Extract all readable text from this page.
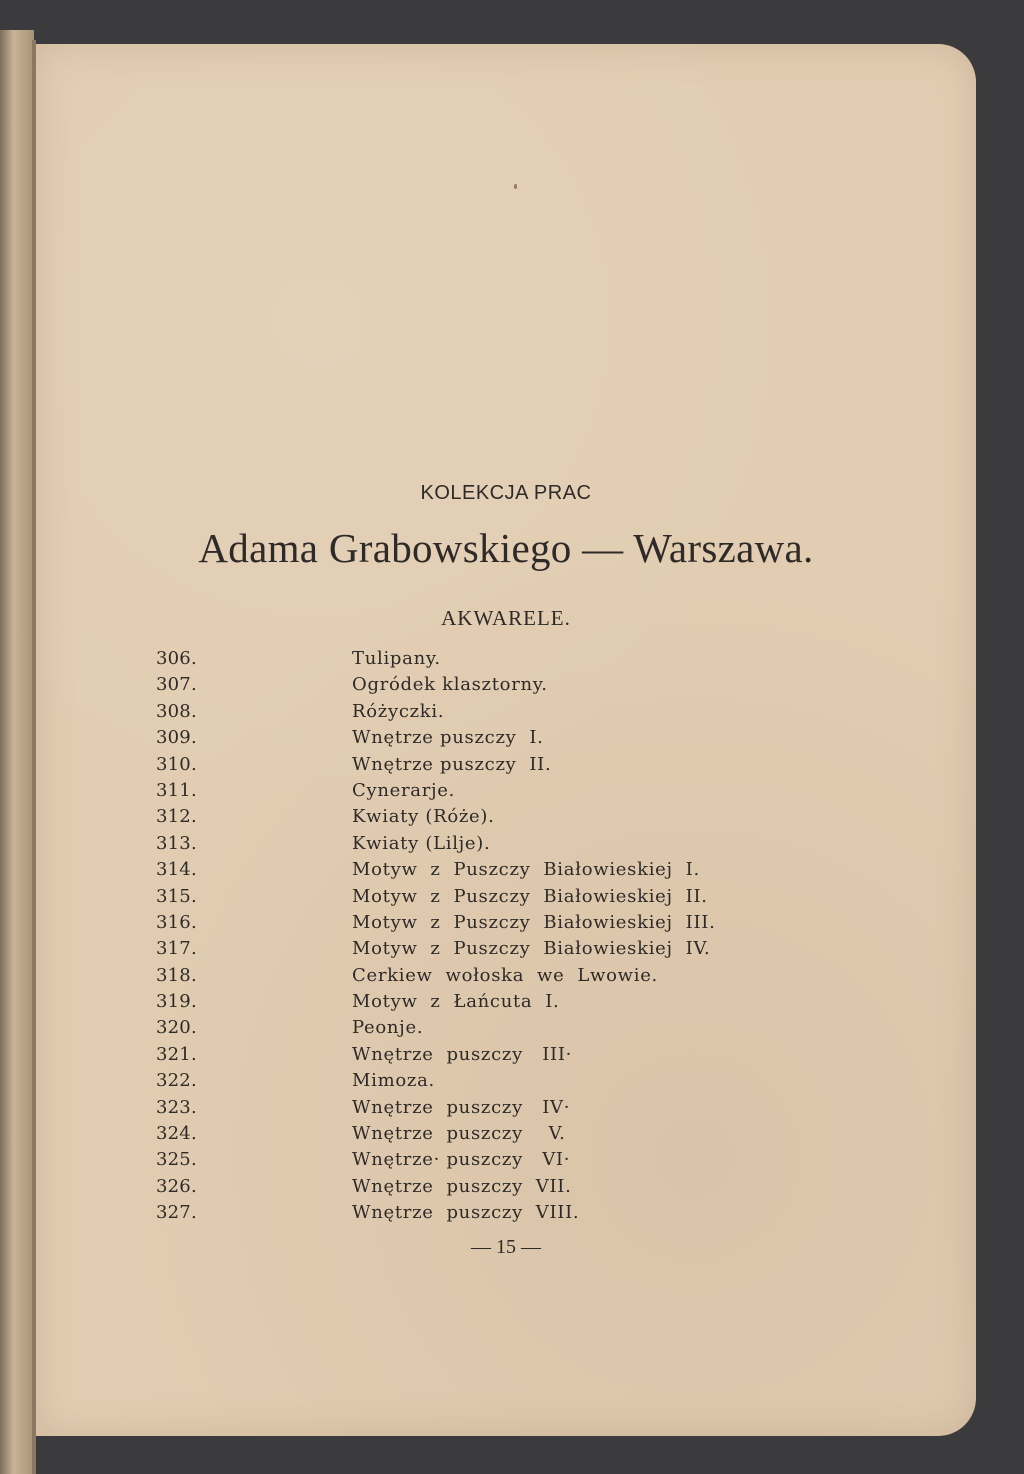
KOLEKCJA PRAC
Adama Grabowskiego — Warszawa.
AKWARELE.
306.	Tulipany.
307.	Ogródek klasztorny.
308.	Różyczki.
309.	Wnętrze puszczy  I.
310.	Wnętrze puszczy  II.
311.	Cynerarje.
312.	Kwiaty (Róże).
313.	Kwiaty (Lilje).
314.	Motyw  z  Puszczy  Białowieskiej  I.
315.	Motyw  z  Puszczy  Białowieskiej  II.
316.	Motyw  z  Puszczy  Białowieskiej  III.
317.	Motyw  z  Puszczy  Białowieskiej  IV.
318.	Cerkiew  wołoska  we  Lwowie.
319.	Motyw  z  Łańcuta  I.
320.	Peonje.
321.	Wnętrze  puszczy   III·
322.	Mimoza.
323.	Wnętrze  puszczy   IV·
324.	Wnętrze  puszczy    V.
325.	Wnętrze· puszczy   VI·
326.	Wnętrze  puszczy  VII.
327.	Wnętrze  puszczy  VIII.
— 15 —
